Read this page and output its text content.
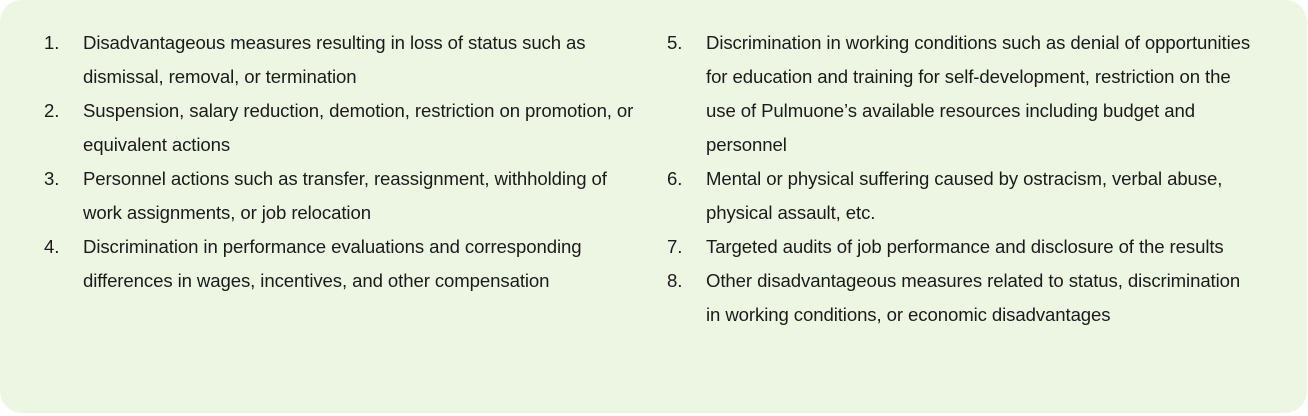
1.	Disadvantageous measures resulting in loss of status such as dismissal, removal, or termination
2.	Suspension, salary reduction, demotion, restriction on promotion, or equivalent actions
3.	Personnel actions such as transfer, reassignment, withholding of work assignments, or job relocation
4.	Discrimination in performance evaluations and corresponding differences in wages, incentives, and other compensation
5.	Discrimination in working conditions such as denial of opportunities for education and training for self-development, restriction on the use of Pulmuone’s available resources including budget and personnel
6.	Mental or physical suffering caused by ostracism, verbal abuse, physical assault, etc.
7.	Targeted audits of job performance and disclosure of the results
8.	Other disadvantageous measures related to status, discrimination in working conditions, or economic disadvantages
